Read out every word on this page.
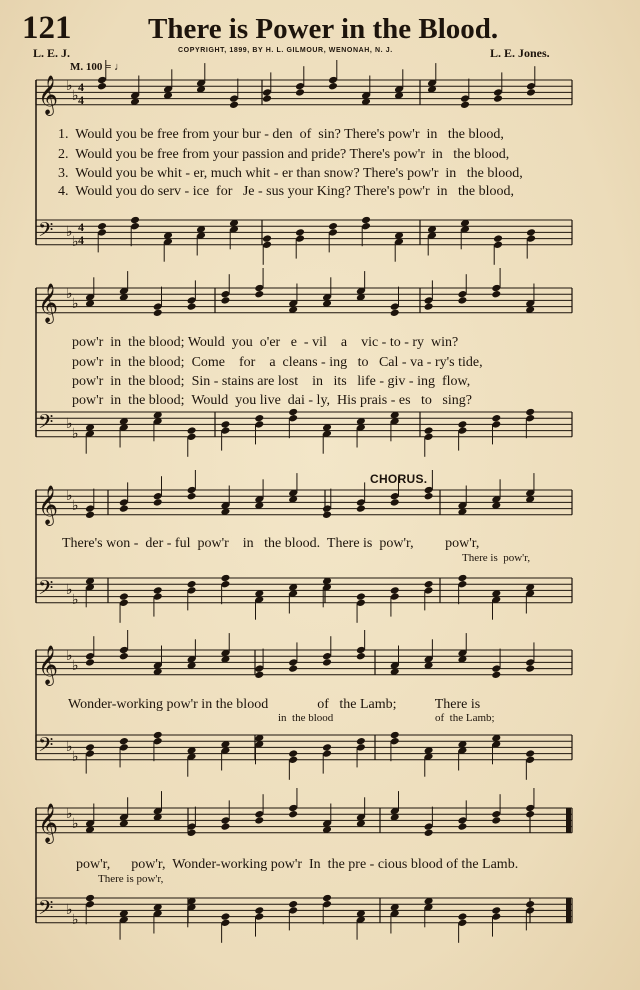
121	There is Power in the Blood.
L. E. J.	COPYRIGHT, 1899, BY H. L. GILMOUR, WENONAH, N. J.	L. E. Jones.
M. 100 = ♩
𝄞 ♭
♭
𝄢 ♭
♭
𝄞 ♭
♭
𝄢 ♭
♭
𝄞 ♭
♭
𝄢 ♭
♭
𝄞 ♭
♭
𝄢 ♭
♭
𝄞 ♭
♭
𝄢 ♭
♭
4
4
4
4
1.  Would you be free from your bur - den  of  sin? There's pow'r  in   the blood,
2.  Would you be free from your passion and pride? There's pow'r  in   the blood,
3.  Would you be whit - er, much whit - er than snow? There's pow'r  in   the blood,
4.  Would you do serv - ice  for   Je - sus your King? There's pow'r  in   the blood,
pow'r  in  the blood; Would  you  o'er   e  - vil    a    vic - to - ry  win?
pow'r  in  the blood;  Come    for    a  cleans - ing   to   Cal - va - ry's tide,
pow'r  in  the blood;  Sin - stains are lost    in   its   life - giv - ing  flow,
pow'r  in  the blood;  Would  you live  dai - ly,  His prais - es   to   sing?
CHORUS.
There's won -  der - ful  pow'r    in   the blood.  There is  pow'r,         pow'r,
There is  pow'r,
Wonder-working pow'r in the blood              of   the Lamb;           There is
in  the blood	of  the Lamb;
pow'r,      pow'r,  Wonder-working pow'r  In  the pre - cious blood of the Lamb.
There is pow'r,
